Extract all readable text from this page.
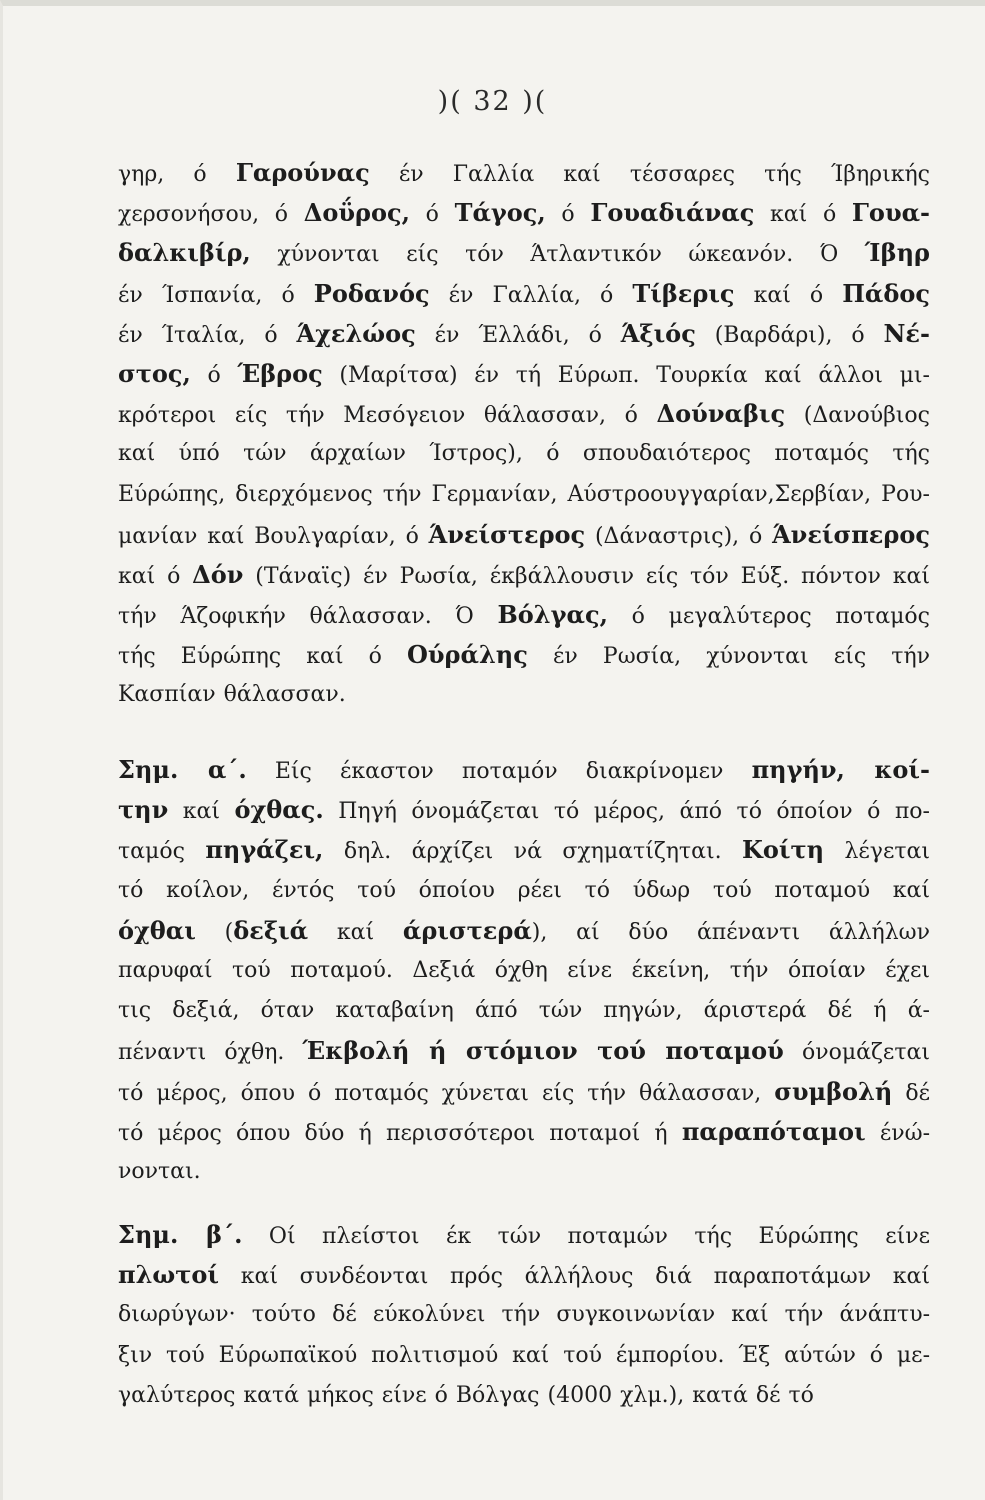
)( 32 )(
γηρ, ό Γαρούνας έν Γαλλία καί τέσσαρες τής Ίβηρικής
χερσονήσου, ό Δοΰρος, ό Τάγος, ό Γουαδιάνας καί ό Γουα-
δαλκιβίρ, χύνονται είς τόν Άτλαντικόν ώκεανόν. Ό Ίβηρ
έν Ίσπανία, ό Ροδανός έν Γαλλία, ό Τίβερις καί ό Πάδος
έν Ίταλία, ό Άχελώος έν Έλλάδι, ό Άξιός (Βαρδάρι), ό Νέ-
στος, ό Έβρος (Μαρίτσα) έν τή Εύρωπ. Τουρκία καί άλλοι μι-
κρότεροι είς τήν Μεσόγειον θάλασσαν, ό Δούναβις (Δανούβιος
καί ύπό τών άρχαίων Ίστρος), ό σπουδαιότερος ποταμός τής
Εύρώπης, διερχόμενος τήν Γερμανίαν, Αύστροουγγαρίαν,Σερβίαν, Ρου-
μανίαν καί Βουλγαρίαν, ό Άνείστερος (Δάναστρις), ό Άνείσπερος
καί ό Δόν (Τάναϊς) έν Ρωσία, έκβάλλουσιν είς τόν Εύξ. πόντον καί
τήν Άζοφικήν θάλασσαν. Ό Βόλγας, ό μεγαλύτερος ποταμός
τής Εύρώπης καί ό Ούράλης έν Ρωσία, χύνονται είς τήν
Κασπίαν θάλασσαν.
Σημ. α΄. Είς έκαστον ποταμόν διακρίνομεν πηγήν, κοί-
την καί όχθας. Πηγή όνομάζεται τό μέρος, άπό τό όποίον ό πο-
ταμός πηγάζει, δηλ. άρχίζει νά σχηματίζηται. Κοίτη λέγεται
τό κοίλον, έντός τού όποίου ρέει τό ύδωρ τού ποταμού καί
όχθαι (δεξιά καί άριστερά), αί δύο άπέναντι άλλήλων
παρυφαί τού ποταμού. Δεξιά όχθη είνε έκείνη, τήν όποίαν έχει
τις δεξιά, όταν καταβαίνη άπό τών πηγών, άριστερά δέ ή ά-
πέναντι όχθη. Έκβολή ή στόμιον τού ποταμού όνομάζεται
τό μέρος, όπου ό ποταμός χύνεται είς τήν θάλασσαν, συμβολή δέ
τό μέρος όπου δύο ή περισσότεροι ποταμοί ή παραπόταμοι ένώ-
νονται.
Σημ. β΄. Οί πλείστοι έκ τών ποταμών τής Εύρώπης είνε
πλωτοί καί συνδέονται πρός άλλήλους διά παραποτάμων καί
διωρύγων· τούτο δέ εύκολύνει τήν συγκοινωνίαν καί τήν άνάπτυ-
ξιν τού Εύρωπαϊκού πολιτισμού καί τού έμπορίου. Έξ αύτών ό με-
γαλύτερος κατά μήκος είνε ό Βόλγας (4000 χλμ.), κατά δέ τό
